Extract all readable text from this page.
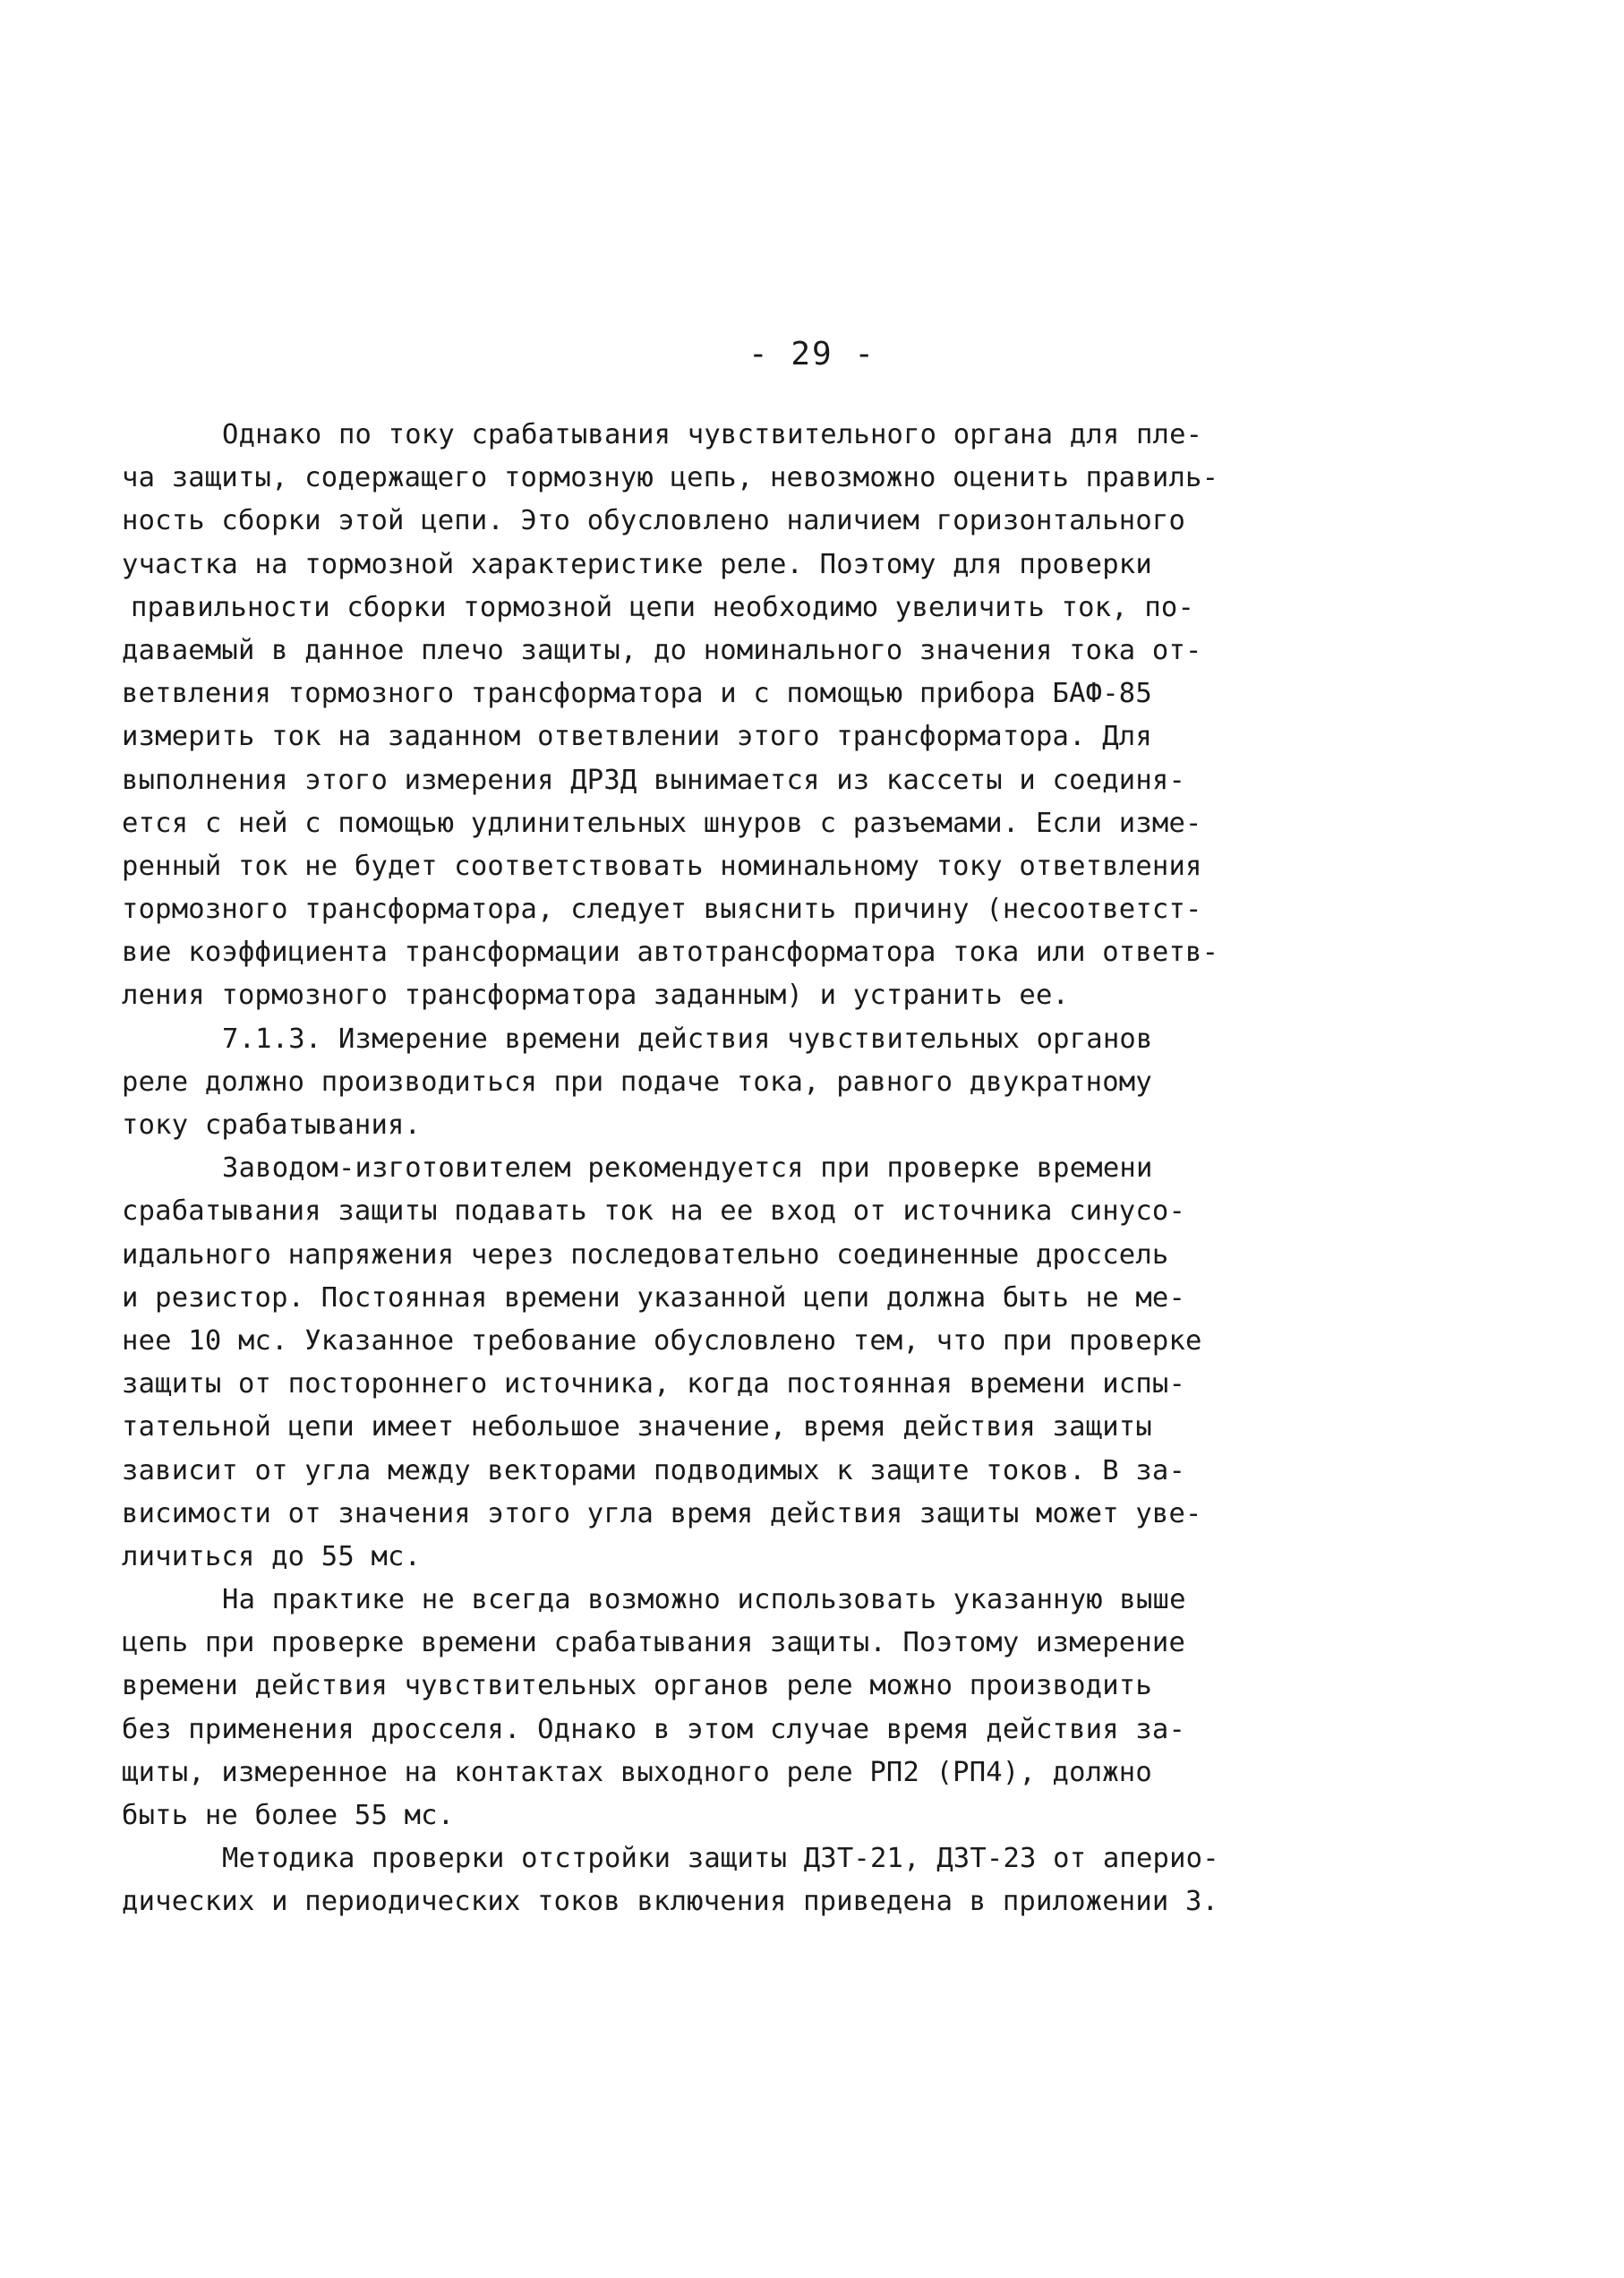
- 29 -
Однако по току срабатывания чувствительного органа для пле-
ча защиты, содержащего тормозную цепь, невозможно оценить правиль-
ность сборки этой цепи. Это обусловлено наличием горизонтального
участка на тормозной характеристике реле. Поэтому для проверки
правильности сборки тормозной цепи необходимо увеличить ток, по-
даваемый в данное плечо защиты, до номинального значения тока от-
ветвления тормозного трансформатора и с помощью прибора БАФ-85
измерить ток на заданном ответвлении этого трансформатора. Для
выполнения этого измерения ДРЗД вынимается из кассеты и соединя-
ется с ней с помощью удлинительных шнуров с разъемами. Если изме-
ренный ток не будет соответствовать номинальному току ответвления
тормозного трансформатора, следует выяснить причину (несоответст-
вие коэффициента трансформации автотрансформатора тока или ответв-
ления тормозного трансформатора заданным) и устранить ее.
7.1.3. Измерение времени действия чувствительных органов
реле должно производиться при подаче тока, равного двукратному
току срабатывания.
Заводом-изготовителем рекомендуется при проверке времени
срабатывания защиты подавать ток на ее вход от источника синусо-
идального напряжения через последовательно соединенные дроссель
и резистор. Постоянная времени указанной цепи должна быть не ме-
нее 10 мс. Указанное требование обусловлено тем, что при проверке
защиты от постороннего источника, когда постоянная времени испы-
тательной цепи имеет небольшое значение, время действия защиты
зависит от угла между векторами подводимых к защите токов. В за-
висимости от значения этого угла время действия защиты может уве-
личиться до 55 мс.
На практике не всегда возможно использовать указанную выше
цепь при проверке времени срабатывания защиты. Поэтому измерение
времени действия чувствительных органов реле можно производить
без применения дросселя. Однако в этом случае время действия за-
щиты, измеренное на контактах выходного реле РП2 (РП4), должно
быть не более 55 мс.
Методика проверки отстройки защиты ДЗТ-21, ДЗТ-23 от апериo-
дических и периодических токов включения приведена в приложении 3.
